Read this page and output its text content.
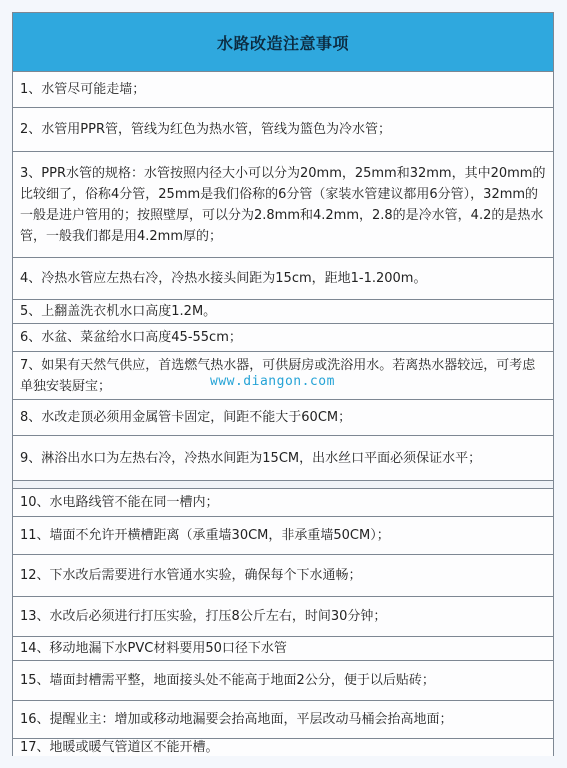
水路改造注意事项
1、水管尽可能走墙；
2、水管用PPR管，管线为红色为热水管，管线为篮色为冷水管；
3、PPR水管的规格：水管按照内径大小可以分为20mm，25mm和32mm，其中20mm的比较细了，俗称4分管，25mm是我们俗称的6分管（家装水管建议都用6分管），32mm的一般是进户管用的；按照壁厚，可以分为2.8mm和4.2mm，2.8的是冷水管，4.2的是热水管，一般我们都是用4.2mm厚的；
4、冷热水管应左热右冷，冷热水接头间距为15cm，距地1-1.200m。
5、上翻盖洗衣机水口高度1.2M。
6、水盆、菜盆给水口高度45-55cm；
7、如果有天然气供应，首选燃气热水器，可供厨房或洗浴用水。若离热水器较远，可考虑单独安装厨宝；
8、水改走顶必须用金属管卡固定，间距不能大于60CM；
9、淋浴出水口为左热右冷，冷热水间距为15CM，出水丝口平面必须保证水平；
10、水电路线管不能在同一槽内；
11、墙面不允许开横槽距离（承重墙30CM，非承重墙50CM）；
12、下水改后需要进行水管通水实验，确保每个下水通畅；
13、水改后必须进行打压实验，打压8公斤左右，时间30分钟；
14、移动地漏下水PVC材料要用50口径下水管
15、墙面封槽需平整，地面接头处不能高于地面2公分，便于以后贴砖；
16、提醒业主：增加或移动地漏要会抬高地面，平层改动马桶会抬高地面；
17、地暖或暖气管道区不能开槽。
www.diangon.com
